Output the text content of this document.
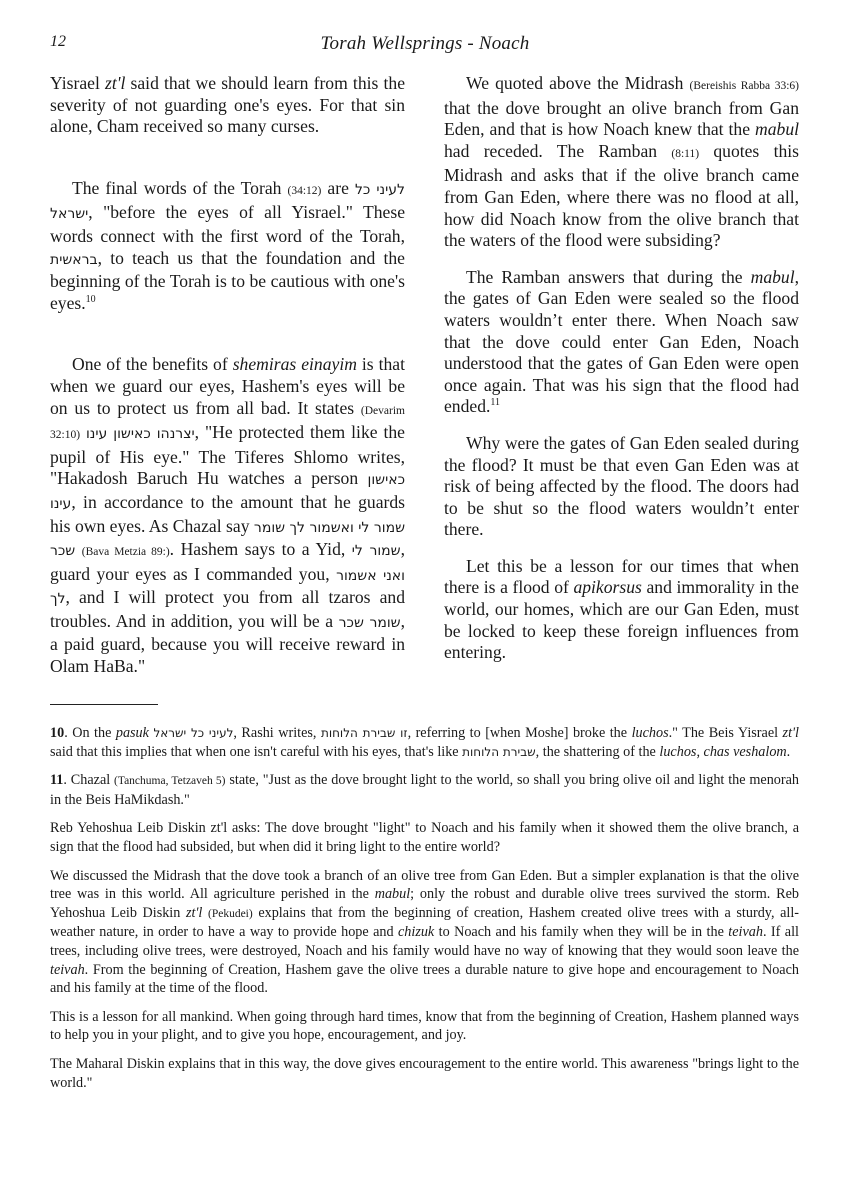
12	Torah Wellsprings - Noach

Yisrael zt'l said that we should learn from this the severity of not guarding one's eyes. For that sin alone, Cham received so many curses.

The final words of the Torah (34:12) are לעיני כל ישראל, "before the eyes of all Yisrael." These words connect with the first word of the Torah, בראשית, to teach us that the foundation and the beginning of the Torah is to be cautious with one's eyes.$^{10}$

One of the benefits of shemiras einayim is that when we guard our eyes, Hashem's eyes will be on us to protect us from all bad. It states (Devarim 32:10) יצרנהו כאישון עינו, "He protected them like the pupil of His eye." The Tiferes Shlomo writes, "Hakadosh Baruch Hu watches a person כאישון עינו, in accordance to the amount that he guards his own eyes. As Chazal say שמור לי ואשמור לך שומר שכר (Bava Metzia 89:). Hashem says to a Yid, שמור לי, guard your eyes as I commanded you, ואני אשמור לך, and I will protect you from all tzaros and troubles. And in addition, you will be a שומר שכר, a paid guard, because you will receive reward in Olam HaBa."

We quoted above the Midrash (Bereishis Rabba 33:6) that the dove brought an olive branch from Gan Eden, and that is how Noach knew that the mabul had receded. The Ramban (8:11) quotes this Midrash and asks that if the olive branch came from Gan Eden, where there was no flood at all, how did Noach know from the olive branch that the waters of the flood were subsiding?

The Ramban answers that during the mabul, the gates of Gan Eden were sealed so the flood waters wouldn’t enter there. When Noach saw that the dove could enter Gan Eden, Noach understood that the gates of Gan Eden were open once again. That was his sign that the flood had ended.$^{11}$

Why were the gates of Gan Eden sealed during the flood? It must be that even Gan Eden was at risk of being affected by the flood. The doors had to be shut so the flood waters wouldn’t enter there.

Let this be a lesson for our times that when there is a flood of apikorsus and immorality in the world, our homes, which are our Gan Eden, must be locked to keep these foreign influences from entering.

10. On the pasuk לעיני כל ישראל, Rashi writes, זו שבירת הלוחות, referring to [when Moshe] broke the luchos." The Beis Yisrael zt'l said that this implies that when one isn't careful with his eyes, that's like שבירת הלוחות, the shattering of the luchos, chas veshalom.

11. Chazal (Tanchuma, Tetzaveh 5) state, "Just as the dove brought light to the world, so shall you bring olive oil and light the menorah in the Beis HaMikdash."

Reb Yehoshua Leib Diskin zt'l asks: The dove brought "light" to Noach and his family when it showed them the olive branch, a sign that the flood had subsided, but when did it bring light to the entire world?

We discussed the Midrash that the dove took a branch of an olive tree from Gan Eden. But a simpler explanation is that the olive tree was in this world. All agriculture perished in the mabul; only the robust and durable olive trees survived the storm. Reb Yehoshua Leib Diskin zt'l (Pekudei) explains that from the beginning of creation, Hashem created olive trees with a sturdy, all-weather nature, in order to have a way to provide hope and chizuk to Noach and his family when they will be in the teivah. If all trees, including olive trees, were destroyed, Noach and his family would have no way of knowing that they would soon leave the teivah. From the beginning of Creation, Hashem gave the olive trees a durable nature to give hope and encouragement to Noach and his family at the time of the flood.

This is a lesson for all mankind. When going through hard times, know that from the beginning of Creation, Hashem planned ways to help you in your plight, and to give you hope, encouragement, and joy.

The Maharal Diskin explains that in this way, the dove gives encouragement to the entire world. This awareness "brings light to the world."
